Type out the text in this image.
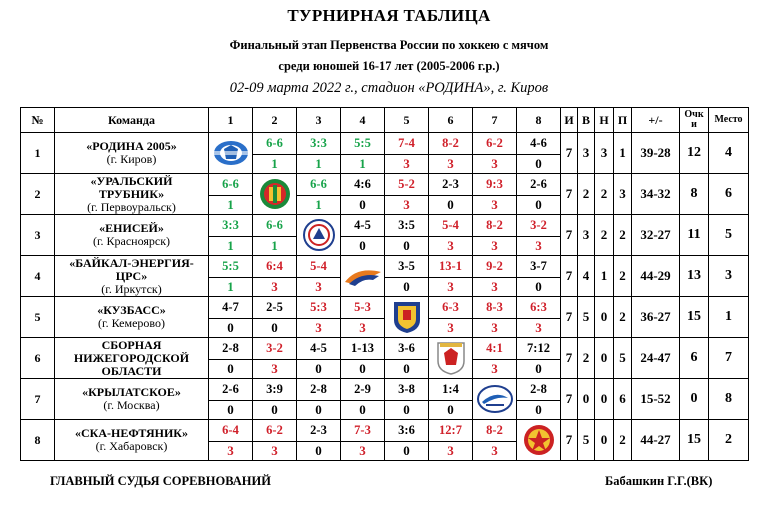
ТУРНИРНАЯ ТАБЛИЦА
Финальный этап Первенства России по хоккею с мячом
среди юношей 16-17 лет (2005-2006 г.р.)
02-09 марта 2022 г., стадион «РОДИНА», г. Киров
№	Команда	1	2	3	4	5	6	7	8	И	В	Н	П	+/-	Очк
и	Место
1	«РОДИНА 2005»
(г. Киров)		6-6	3:3	5:5	7-4	8-2	6-2	4-6	7	3	3	1	39-28	12	4
			1	1	1	3	3	3	0							
2	«УРАЛЬСКИЙ
ТРУБНИК»
(г. Первоуральск)	6-6		6-6	4:6	5-2	2-3	9:3	2-6	7	2	2	3	34-32	8	6
		1		1	0	3	0	3	0							
3	«ЕНИСЕЙ»
(г. Красноярск)	3:3	6-6		4-5	3:5	5-4	8-2	3-2	7	3	2	2	32-27	11	5
		1	1		0	0	3	3	3							
4	«БАЙКАЛ-ЭНЕРГИЯ-
ЦРС»
(г. Иркутск)	5:5	6:4	5-4		3-5	13-1	9-2	3-7	7	4	1	2	44-29	13	3
		1	3	3		0	3	3	0							
5	«КУЗБАСС»
(г. Кемерово)	4-7	2-5	5:3	5-3		6-3	8-3	6:3	7	5	0	2	36-27	15	1
		0	0	3	3		3	3	3							
6	СБОРНАЯ
НИЖЕГОРОДСКОЙ
ОБЛАСТИ	2-8	3-2	4-5	1-13	3-6		4:1	7:12	7	2	0	5	24-47	6	7
		0	3	0	0	0		3	0							
7	«КРЫЛАТСКОЕ»
(г. Москва)	2-6	3:9	2-8	2-9	3-8	1:4		2-8	7	0	0	6	15-52	0	8
		0	0	0	0	0	0		0							
8	«СКА-НЕФТЯНИК»
(г. Хабаровск)	6-4	6-2	2-3	7-3	3:6	12:7	8-2		7	5	0	2	44-27	15	2
		3	3	0	3	0	3	3								
ГЛАВНЫЙ СУДЬЯ СОРЕВНОВАНИЙ	Бабашкин Г.Г.(ВК)
